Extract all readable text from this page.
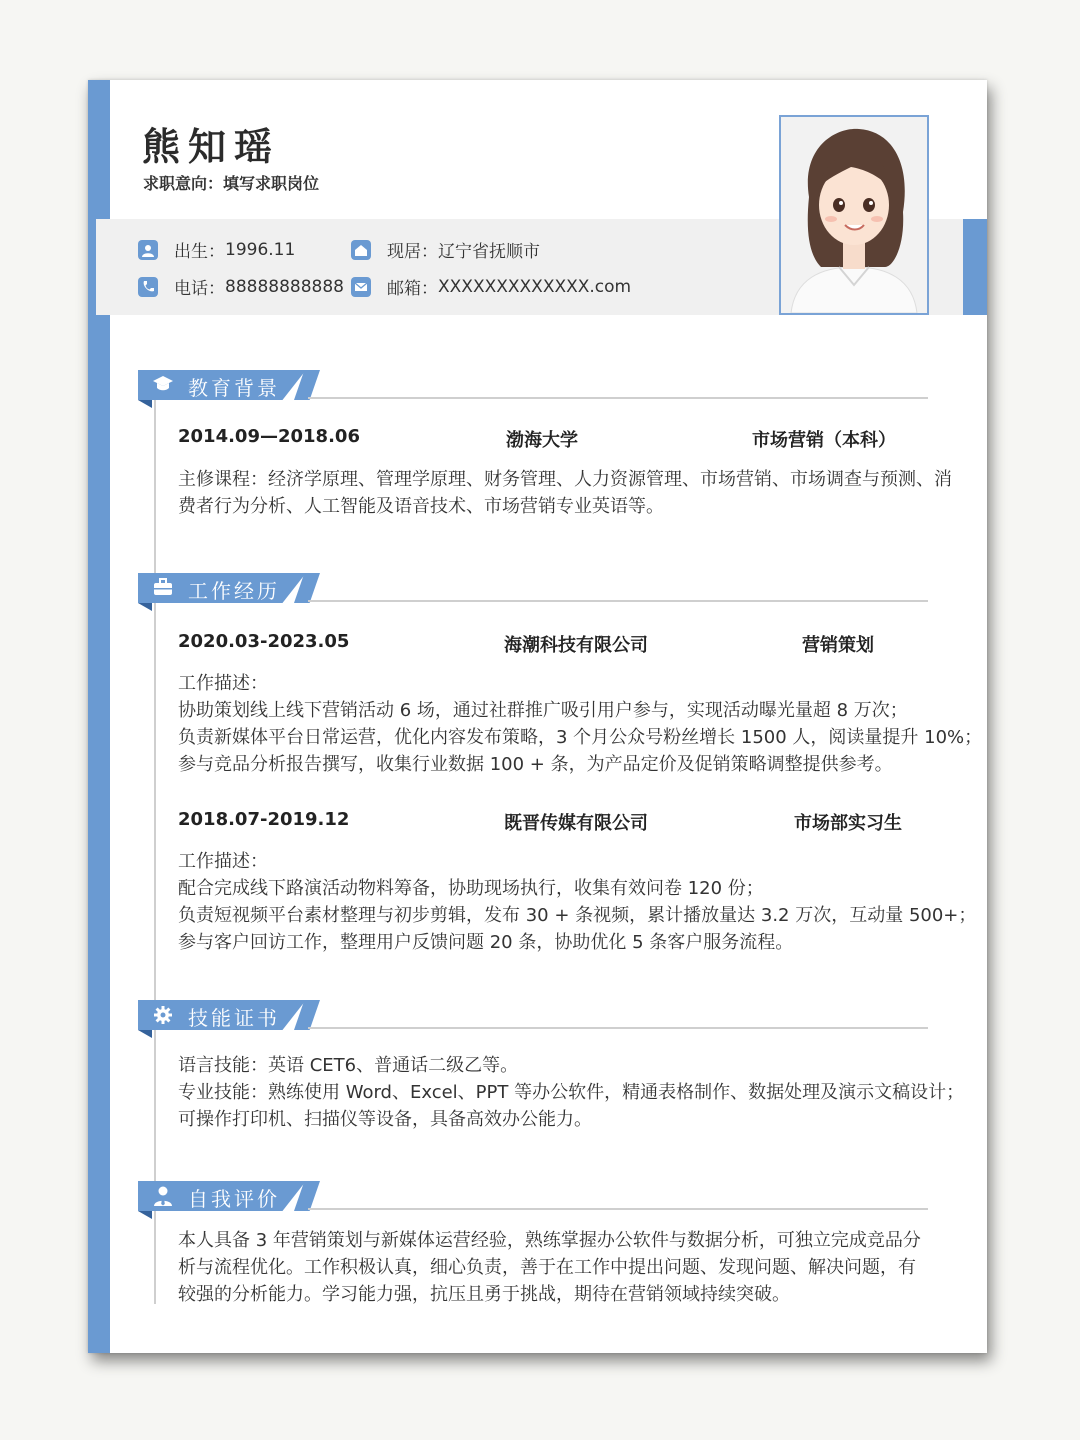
出生： 1996.11	现居： 辽宁省抚顺市
电话： 88888888888	邮箱： XXXXXXXXXXXXX.com
熊知瑶
求职意向：填写求职岗位
教育背景
2014.09—2018.06	渤海大学	市场营销（本科）
主修课程：经济学原理、管理学原理、财务管理、人力资源管理、市场营销、市场调查与预测、消
费者行为分析、人工智能及语音技术、市场营销专业英语等。
工作经历
2020.03-2023.05	海潮科技有限公司	营销策划
工作描述：
协助策划线上线下营销活动 6 场，通过社群推广吸引用户参与，实现活动曝光量超 8 万次；
负责新媒体平台日常运营，优化内容发布策略，3 个月公众号粉丝增长 1500 人，阅读量提升 10%；
参与竞品分析报告撰写，收集行业数据 100 + 条，为产品定价及促销策略调整提供参考。
2018.07-2019.12	既晋传媒有限公司	市场部实习生
工作描述：
配合完成线下路演活动物料筹备，协助现场执行，收集有效问卷 120 份；
负责短视频平台素材整理与初步剪辑，发布 30 + 条视频，累计播放量达 3.2 万次，互动量 500+；
参与客户回访工作，整理用户反馈问题 20 条，协助优化 5 条客户服务流程。
技能证书
语言技能：英语 CET6、普通话二级乙等。
专业技能：熟练使用 Word、Excel、PPT 等办公软件，精通表格制作、数据处理及演示文稿设计；
可操作打印机、扫描仪等设备，具备高效办公能力。
自我评价
本人具备 3 年营销策划与新媒体运营经验，熟练掌握办公软件与数据分析，可独立完成竞品分
析与流程优化。工作积极认真，细心负责，善于在工作中提出问题、发现问题、解决问题，有
较强的分析能力。学习能力强，抗压且勇于挑战，期待在营销领域持续突破。
